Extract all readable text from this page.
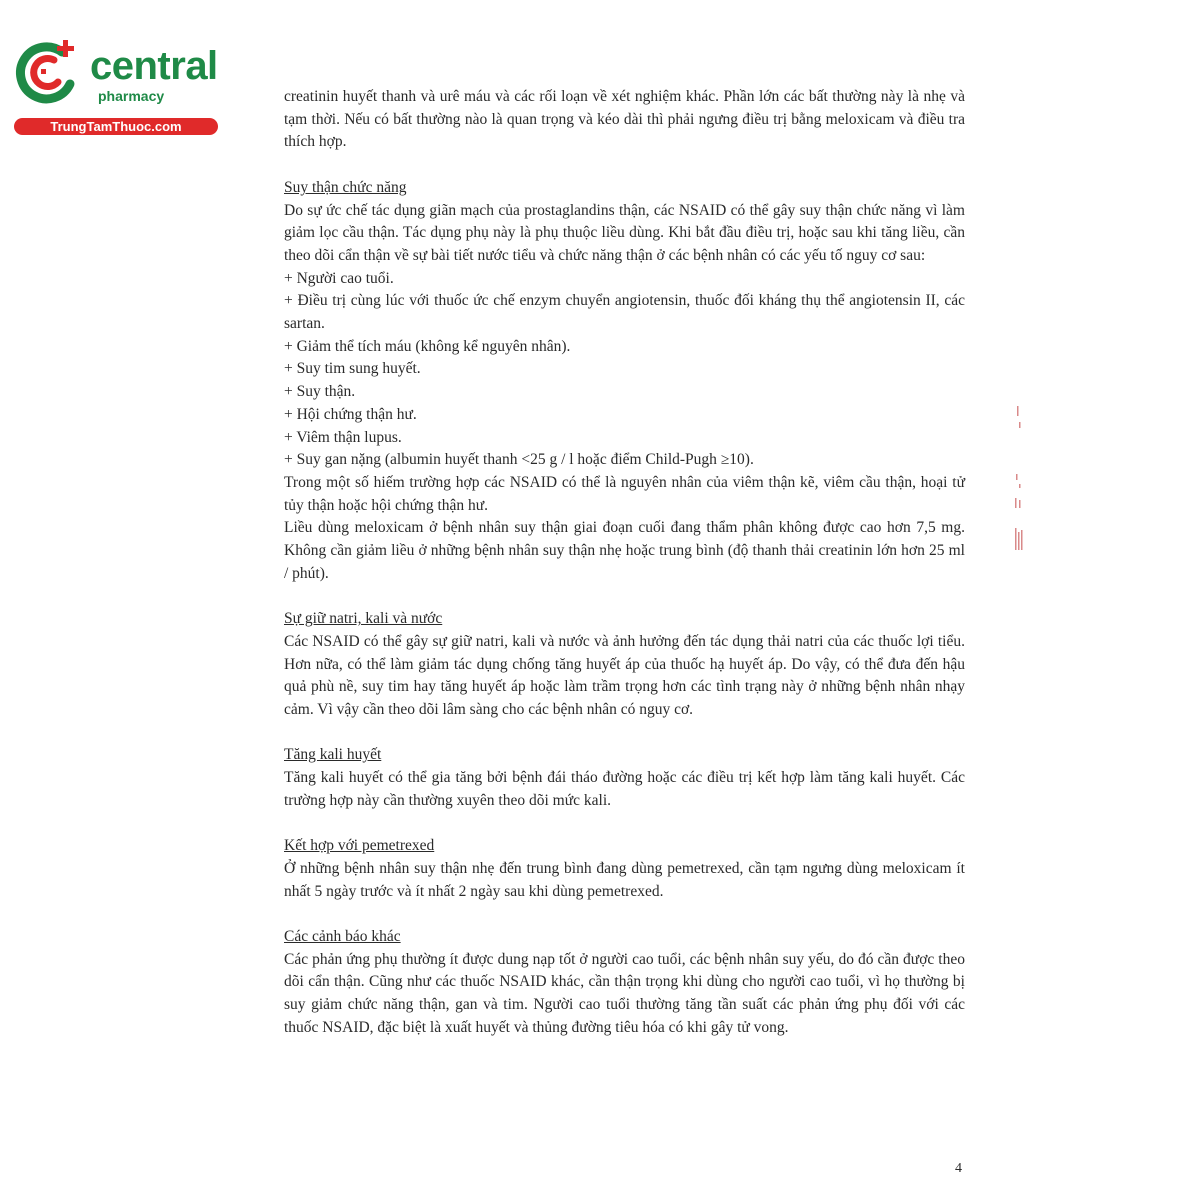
central
pharmacy
TrungTamThuoc.com

creatinin huyết thanh và urê máu và các rối loạn về xét nghiệm khác. Phần lớn các bất thường này là nhẹ và tạm thời. Nếu có bất thường nào là quan trọng và kéo dài thì phải ngưng điều trị bằng meloxicam và điều tra thích hợp.

Suy thận chức năng

Do sự ức chế tác dụng giãn mạch của prostaglandins thận, các NSAID có thể gây suy thận chức năng vì làm giảm lọc cầu thận. Tác dụng phụ này là phụ thuộc liều dùng. Khi bắt đầu điều trị, hoặc sau khi tăng liều, cần theo dõi cẩn thận về sự bài tiết nước tiểu và chức năng thận ở các bệnh nhân có các yếu tố nguy cơ sau:

+ Người cao tuổi.

+ Điều trị cùng lúc với thuốc ức chế enzym chuyển angiotensin, thuốc đối kháng thụ thể angiotensin II, các sartan.

+ Giảm thể tích máu (không kể nguyên nhân).

+ Suy tim sung huyết.

+ Suy thận.

+ Hội chứng thận hư.

+ Viêm thận lupus.

+ Suy gan nặng (albumin huyết thanh <25 g / l hoặc điểm Child-Pugh ≥10).

Trong một số hiếm trường hợp các NSAID có thể là nguyên nhân của viêm thận kẽ, viêm cầu thận, hoại tử tủy thận hoặc hội chứng thận hư.

Liều dùng meloxicam ở bệnh nhân suy thận giai đoạn cuối đang thẩm phân không được cao hơn 7,5 mg. Không cần giảm liều ở những bệnh nhân suy thận nhẹ hoặc trung bình (độ thanh thải creatinin lớn hơn 25 ml / phút).

Sự giữ natri, kali và nước

Các NSAID có thể gây sự giữ natri, kali và nước và ảnh hưởng đến tác dụng thải natri của các thuốc lợi tiểu. Hơn nữa, có thể làm giảm tác dụng chống tăng huyết áp của thuốc hạ huyết áp. Do vậy, có thể đưa đến hậu quả phù nề, suy tim hay tăng huyết áp hoặc làm trầm trọng hơn các tình trạng này ở những bệnh nhân nhạy cảm. Vì vậy cần theo dõi lâm sàng cho các bệnh nhân có nguy cơ.

Tăng kali huyết

Tăng kali huyết có thể gia tăng bởi bệnh đái tháo đường hoặc các điều trị kết hợp làm tăng kali huyết. Các trường hợp này cần thường xuyên theo dõi mức kali.

Kết hợp với pemetrexed

Ở những bệnh nhân suy thận nhẹ đến trung bình đang dùng pemetrexed, cần tạm ngưng dùng meloxicam ít nhất 5 ngày trước và ít nhất 2 ngày sau khi dùng pemetrexed.

Các cảnh báo khác

Các phản ứng phụ thường ít được dung nạp tốt ở người cao tuổi, các bệnh nhân suy yếu, do đó cần được theo dõi cẩn thận. Cũng như các thuốc NSAID khác, cần thận trọng khi dùng cho người cao tuổi, vì họ thường bị suy giảm chức năng thận, gan và tim. Người cao tuổi thường tăng tần suất các phản ứng phụ đối với các thuốc NSAID, đặc biệt là xuất huyết và thủng đường tiêu hóa có khi gây tử vong.

4
